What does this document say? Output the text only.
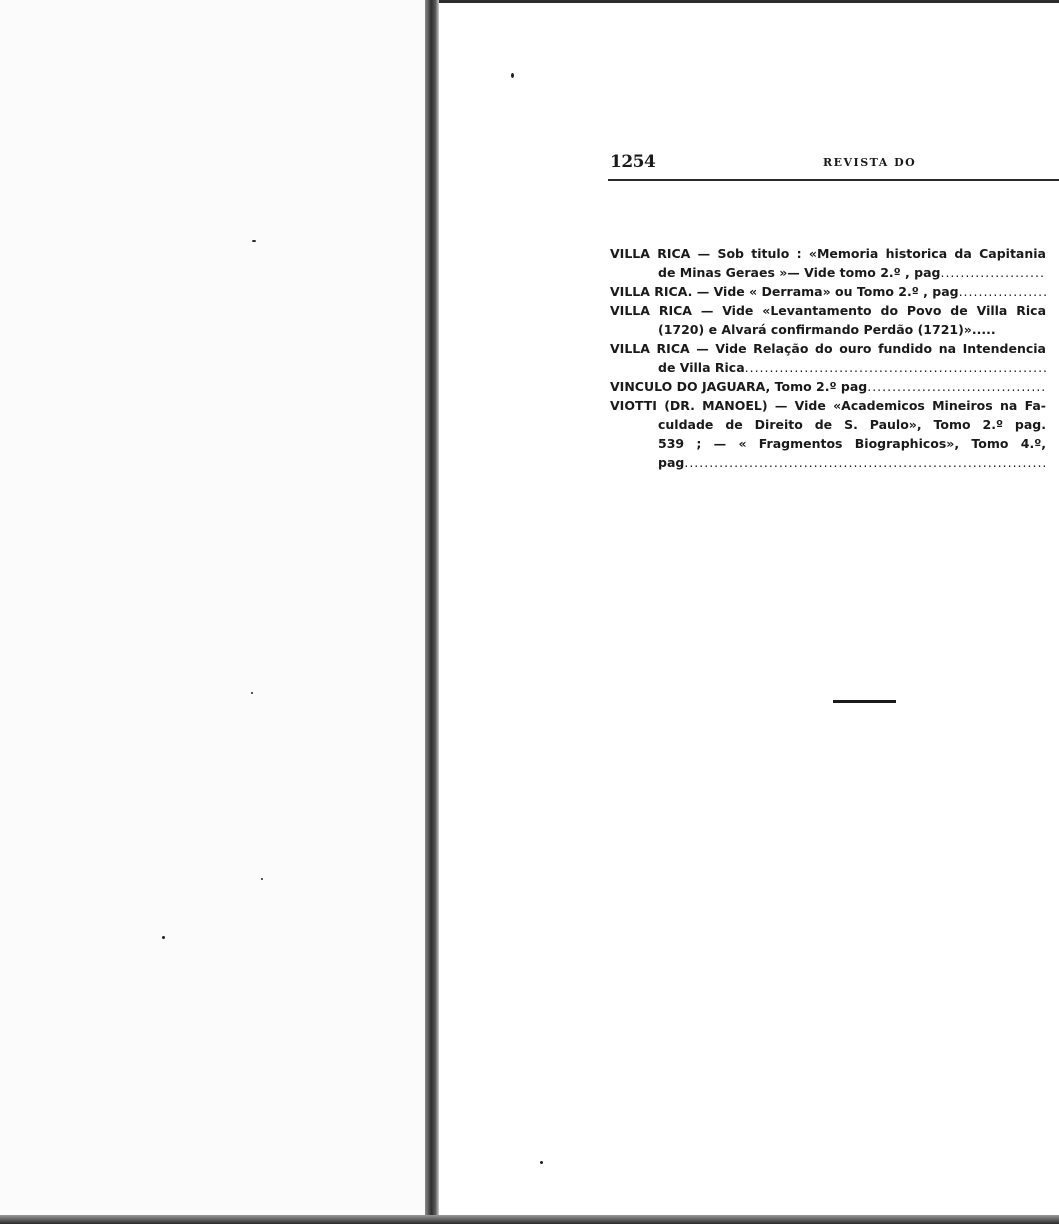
1254	REVISTA DO
VILLA RICA — Sob titulo : «Memoria historica da Capitania
de Minas Geraes »— Vide tomo 2.º , pag
.....
VILLA RICA. — Vide « Derrama» ou Tomo 2.º , pag
.....
VILLA RICA — Vide «Levantamento do Povo de Villa Rica
(1720) e Alvará confirmando Perdão (1721)».....
VILLA RICA — Vide Relação do ouro fundido na Intendencia
de Villa Rica
.....
VINCULO DO JAGUARA, Tomo 2.º pag
.....
VIOTTI (DR. MANOEL) — Vide «Academicos Mineiros na Fa-
culdade de Direito de S. Paulo», Tomo 2.º pag.
539 ; — « Fragmentos Biographicos», Tomo 4.º,
pag
.....
